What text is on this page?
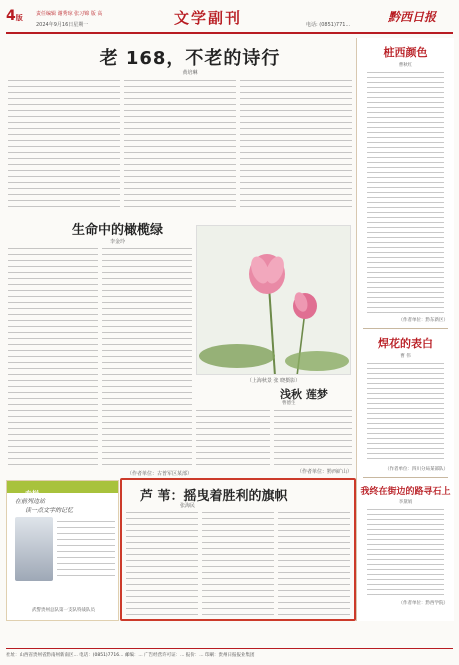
4版	责任编辑 谢秀琼 张习锦 版 高
2024年9月16日星期一	文学副刊	电话: (0851)771...
黔西日报
老 168，不老的诗行
黄培琳
生命中的橄榄绿
李金玲
（作者单位：古普军区某部）
（上海秋景 张 晓摄影）
浅秋 莲梦
曹德生
（作者单位：黔西矿山）
桩西颜色
曹秋红
（作者单位：黔东新区）
焊花的表白
曹 伟
（作者单位：四川分局某部队）
我终在街边的路寻石上
李黛娟
（作者单位：黔西学院）
专栏
在前列边站
读一点文字的记忆
武警贵州总队第一支队特战队员
芦 苇：摇曳着胜利的旗帜
张海民
社址：山西省贵州省黔南州新南区... 电话：(0851)7716... 邮编：... 广告经营许可证：... 报价：... 印刷：贵州日报报业集团
